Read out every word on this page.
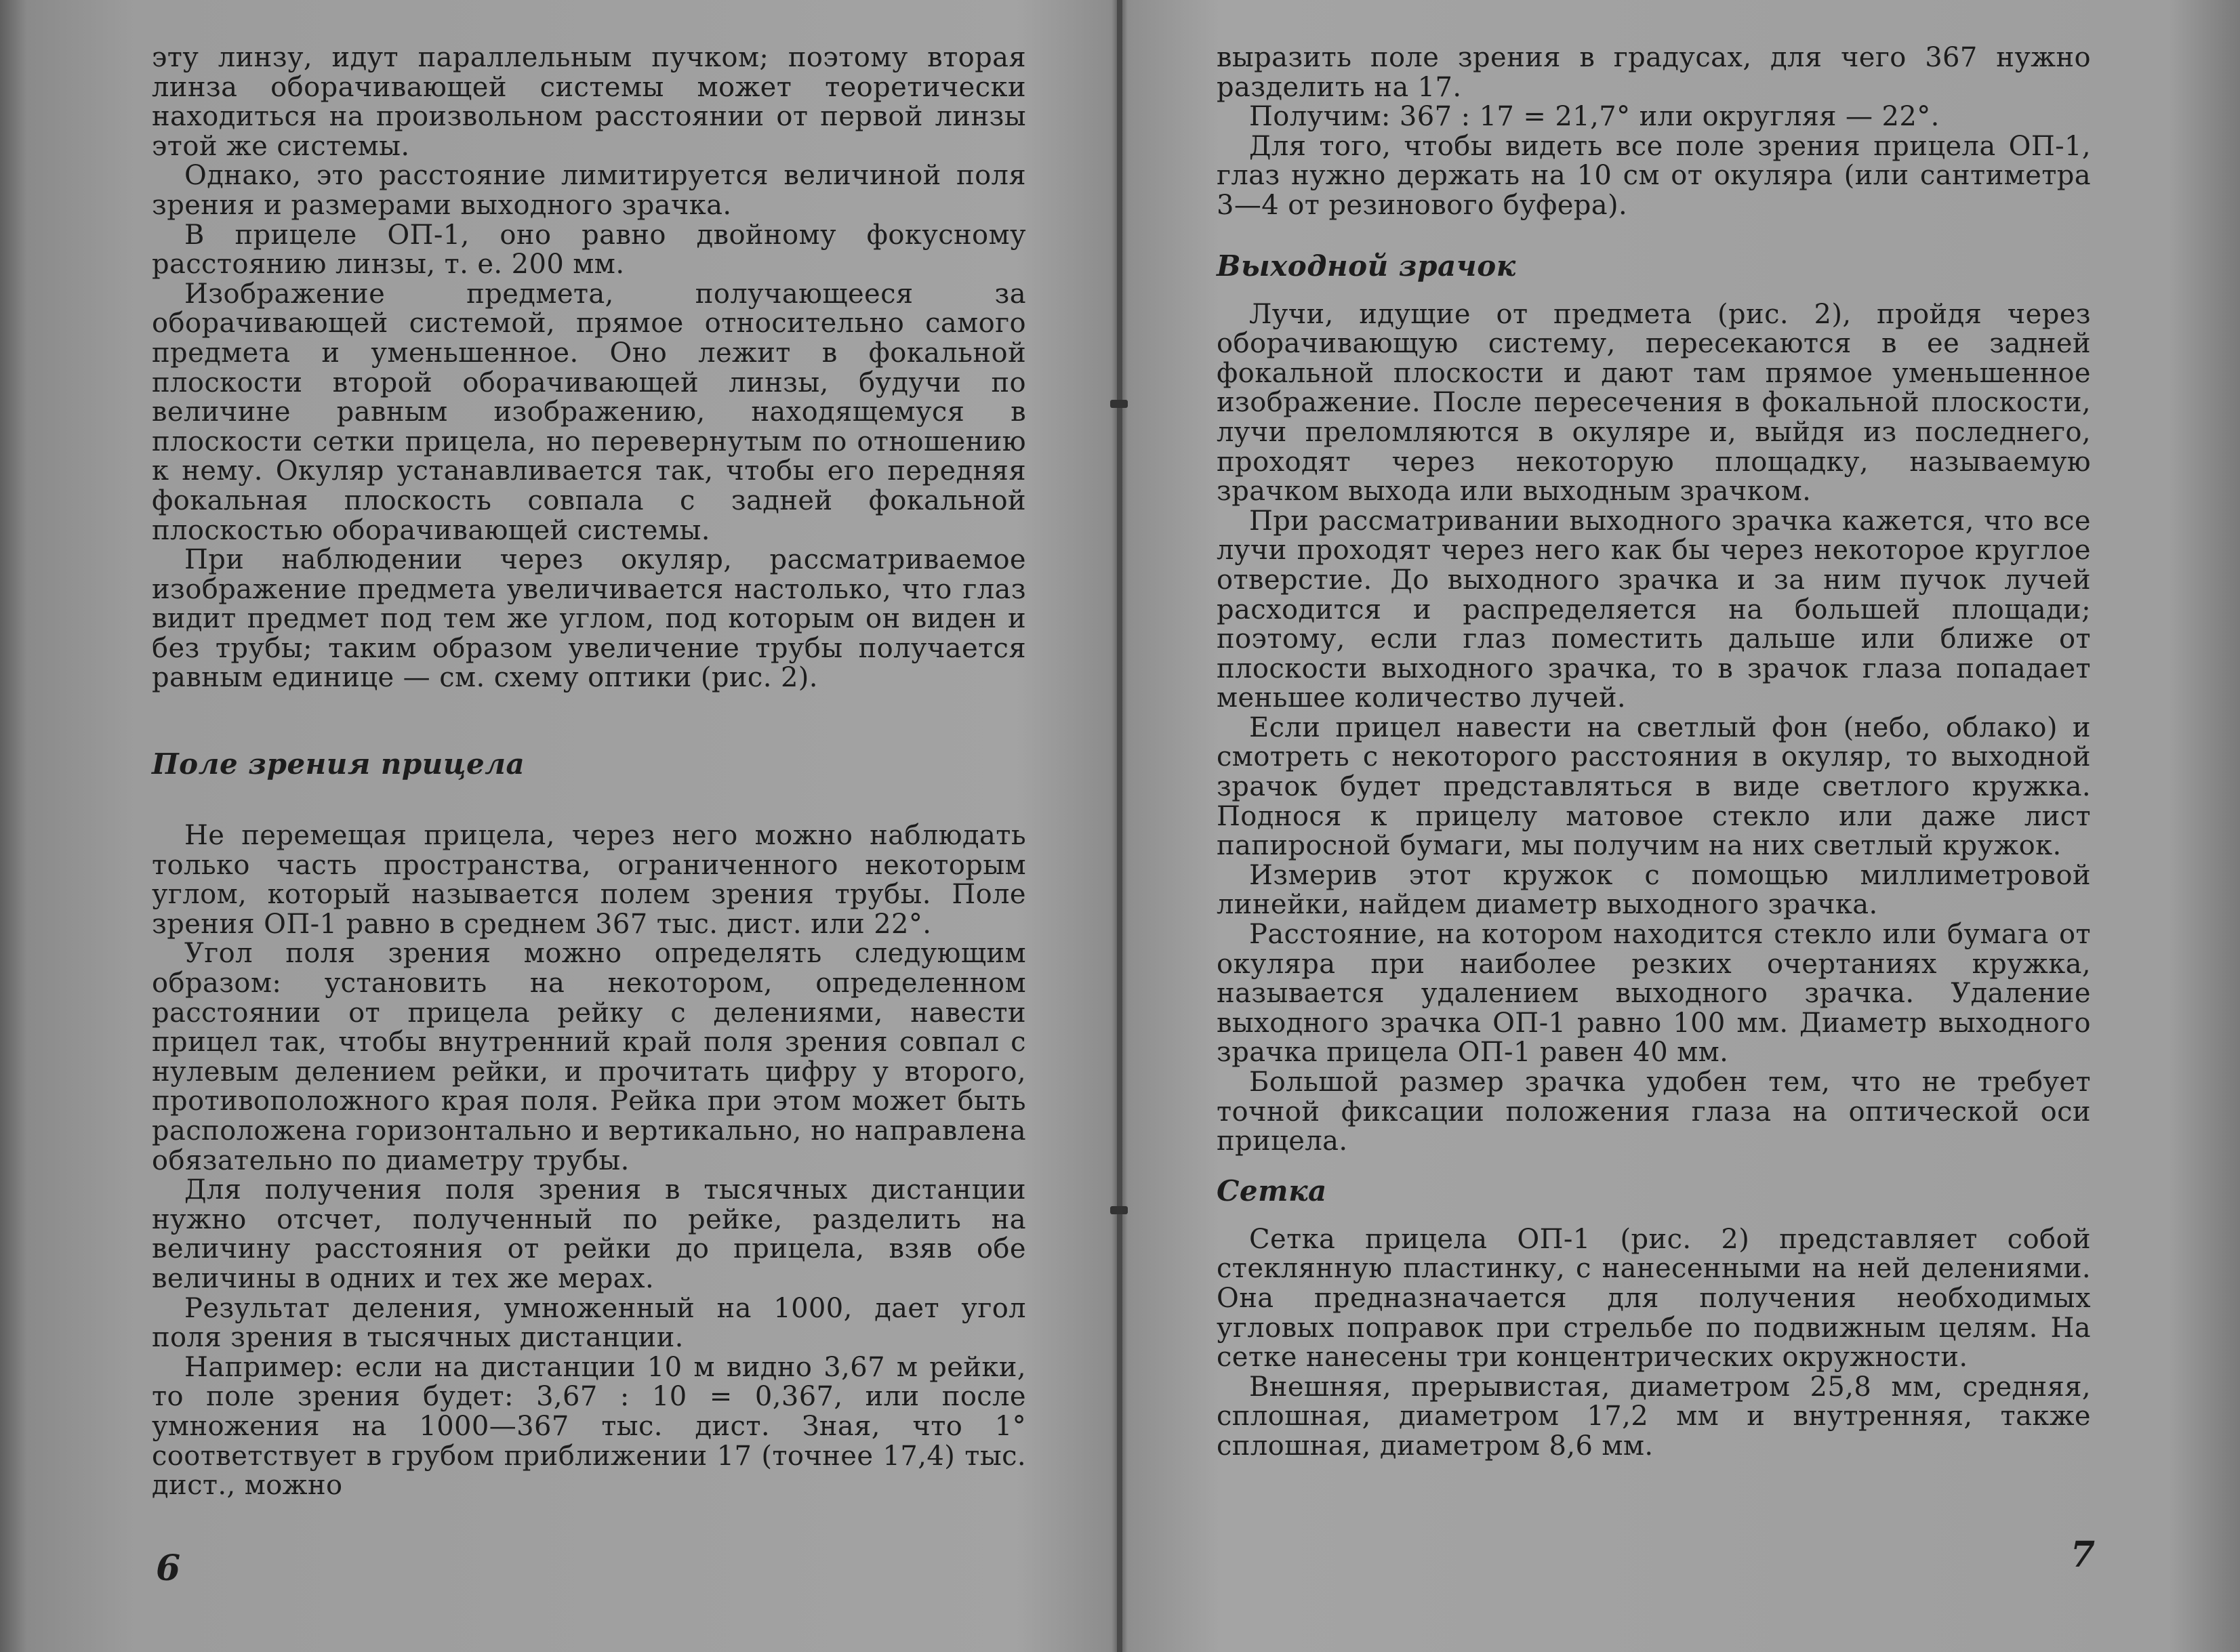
эту линзу, идут параллельным пучком; поэтому вторая линза оборачивающей системы может теоретически находиться на произвольном расстоянии от первой линзы этой же системы.

Однако, это расстояние лимитируется величиной поля зрения и размерами выходного зрачка.

В прицеле ОП-1, оно равно двойному фокусному расстоянию линзы, т. е. 200 мм.

Изображение предмета, получающееся за оборачивающей системой, прямое относительно самого предмета и уменьшенное. Оно лежит в фокальной плоскости второй оборачивающей линзы, будучи по величине равным изображению, находящемуся в плоскости сетки прицела, но перевернутым по отношению к нему. Окуляр устанавливается так, чтобы его передняя фокальная плоскость совпала с задней фокальной плоскостью оборачивающей системы.

При наблюдении через окуляр, рассматриваемое изображение предмета увеличивается настолько, что глаз видит предмет под тем же углом, под которым он виден и без трубы; таким образом увеличение трубы получается равным единице — см. схему оптики (рис. 2).

Поле зрения прицела

Не перемещая прицела, через него можно наблюдать только часть пространства, ограниченного некоторым углом, который называется полем зрения трубы. Поле зрения ОП-1 равно в среднем 367 тыс. дист. или 22°.

Угол поля зрения можно определять следующим образом: установить на некотором, определенном расстоянии от прицела рейку с делениями, навести прицел так, чтобы внутренний край поля зрения совпал с нулевым делением рейки, и прочитать цифру у второго, противоположного края поля. Рейка при этом может быть расположена горизонтально и вертикально, но направлена обязательно по диаметру трубы.

Для получения поля зрения в тысячных дистанции нужно отсчет, полученный по рейке, разделить на величину расстояния от рейки до прицела, взяв обе величины в одних и тех же мерах.

Результат деления, умноженный на 1000, дает угол поля зрения в тысячных дистанции.

Например: если на дистанции 10 м видно 3,67 м рейки, то поле зрения будет: 3,67 : 10 = 0,367, или после умножения на 1000—367 тыс. дист. Зная, что 1° соответствует в грубом приближении 17 (точнее 17,4) тыс. дист., можно

6

выразить поле зрения в градусах, для чего 367 нужно разделить на 17.

Получим: 367 : 17 = 21,7° или округляя — 22°.

Для того, чтобы видеть все поле зрения прицела ОП-1, глаз нужно держать на 10 см от окуляра (или сантиметра 3—4 от резинового буфера).

Выходной зрачок

Лучи, идущие от предмета (рис. 2), пройдя через оборачивающую систему, пересекаются в ее задней фокальной плоскости и дают там прямое уменьшенное изображение. После пересечения в фокальной плоскости, лучи преломляются в окуляре и, выйдя из последнего, проходят через некоторую площадку, называемую зрачком выхода или выходным зрачком.

При рассматривании выходного зрачка кажется, что все лучи проходят через него как бы через некоторое круглое отверстие. До выходного зрачка и за ним пучок лучей расходится и распределяется на большей площади; поэтому, если глаз поместить дальше или ближе от плоскости выходного зрачка, то в зрачок глаза попадает меньшее количество лучей.

Если прицел навести на светлый фон (небо, облако) и смотреть с некоторого расстояния в окуляр, то выходной зрачок будет представляться в виде светлого кружка. Поднося к прицелу матовое стекло или даже лист папиросной бумаги, мы получим на них светлый кружок.

Измерив этот кружок с помощью миллиметровой линейки, найдем диаметр выходного зрачка.

Расстояние, на котором находится стекло или бумага от окуляра при наиболее резких очертаниях кружка, называется удалением выходного зрачка. Удаление выходного зрачка ОП-1 равно 100 мм. Диаметр выходного зрачка прицела ОП-1 равен 40 мм.

Большой размер зрачка удобен тем, что не требует точной фиксации положения глаза на оптической оси прицела.

Сетка

Сетка прицела ОП-1 (рис. 2) представляет собой стеклянную пластинку, с нанесенными на ней делениями. Она предназначается для получения необходимых угловых поправок при стрельбе по подвижным целям. На сетке нанесены три концентрических окружности.

Внешняя, прерывистая, диаметром 25,8 мм, средняя, сплошная, диаметром 17,2 мм и внутренняя, также сплошная, диаметром 8,6 мм.

7
